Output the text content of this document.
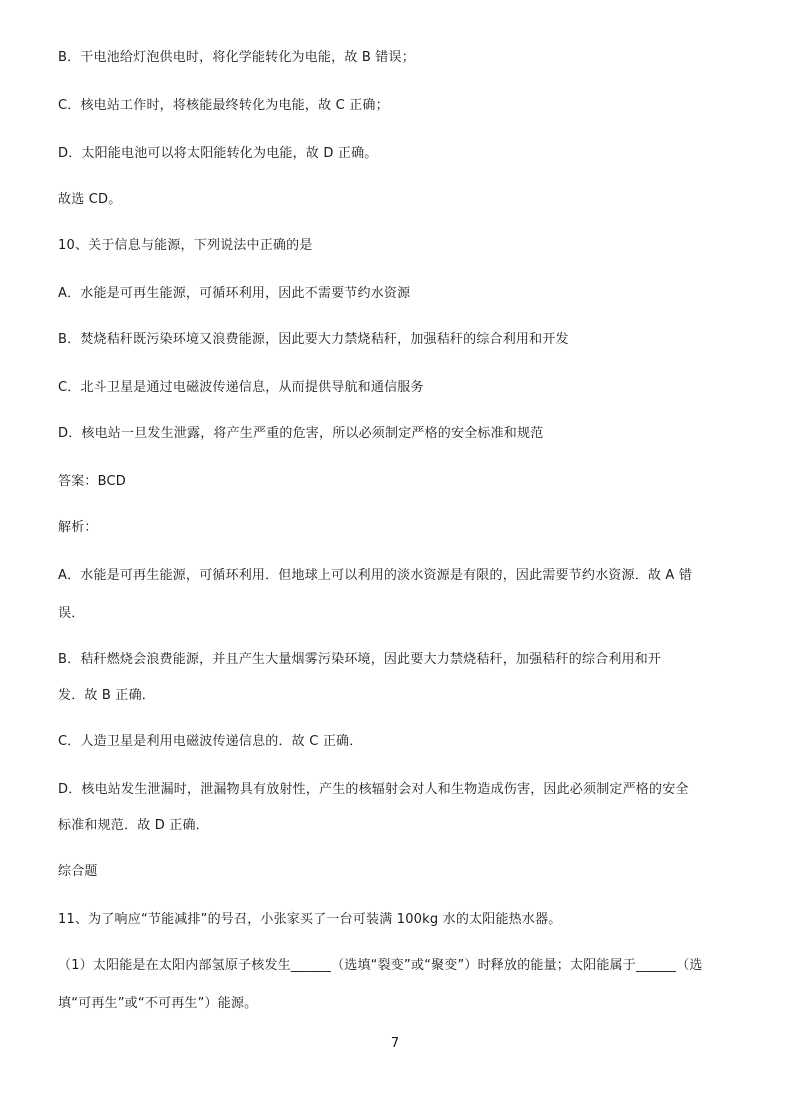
B．干电池给灯泡供电时，将化学能转化为电能，故 B 错误；
C．核电站工作时，将核能最终转化为电能，故 C 正确；
D．太阳能电池可以将太阳能转化为电能，故 D 正确。
故选 CD。
10、关于信息与能源，下列说法中正确的是
A．水能是可再生能源，可循环利用，因此不需要节约水资源
B．焚烧秸秆既污染环境又浪费能源，因此要大力禁烧秸秆，加强秸秆的综合利用和开发
C．北斗卫星是通过电磁波传递信息，从而提供导航和通信服务
D．核电站一旦发生泄露，将产生严重的危害，所以必须制定严格的安全标准和规范
答案：BCD
解析：
A．水能是可再生能源，可循环利用．但地球上可以利用的淡水资源是有限的，因此需要节约水资源．故 A 错
误．
B．秸秆燃烧会浪费能源，并且产生大量烟雾污染环境，因此要大力禁烧秸秆，加强秸秆的综合利用和开
发．故 B 正确．
C．人造卫星是利用电磁波传递信息的．故 C 正确．
D．核电站发生泄漏时，泄漏物具有放射性，产生的核辐射会对人和生物造成伤害，因此必须制定严格的安全
标准和规范．故 D 正确．
综合题
11、为了响应“节能减排”的号召，小张家买了一台可装满 100kg 水的太阳能热水器。
（1）太阳能是在太阳内部氢原子核发生______（选填“裂变”或“聚变”）时释放的能量；太阳能属于______（选
填“可再生”或“不可再生”）能源。
7
